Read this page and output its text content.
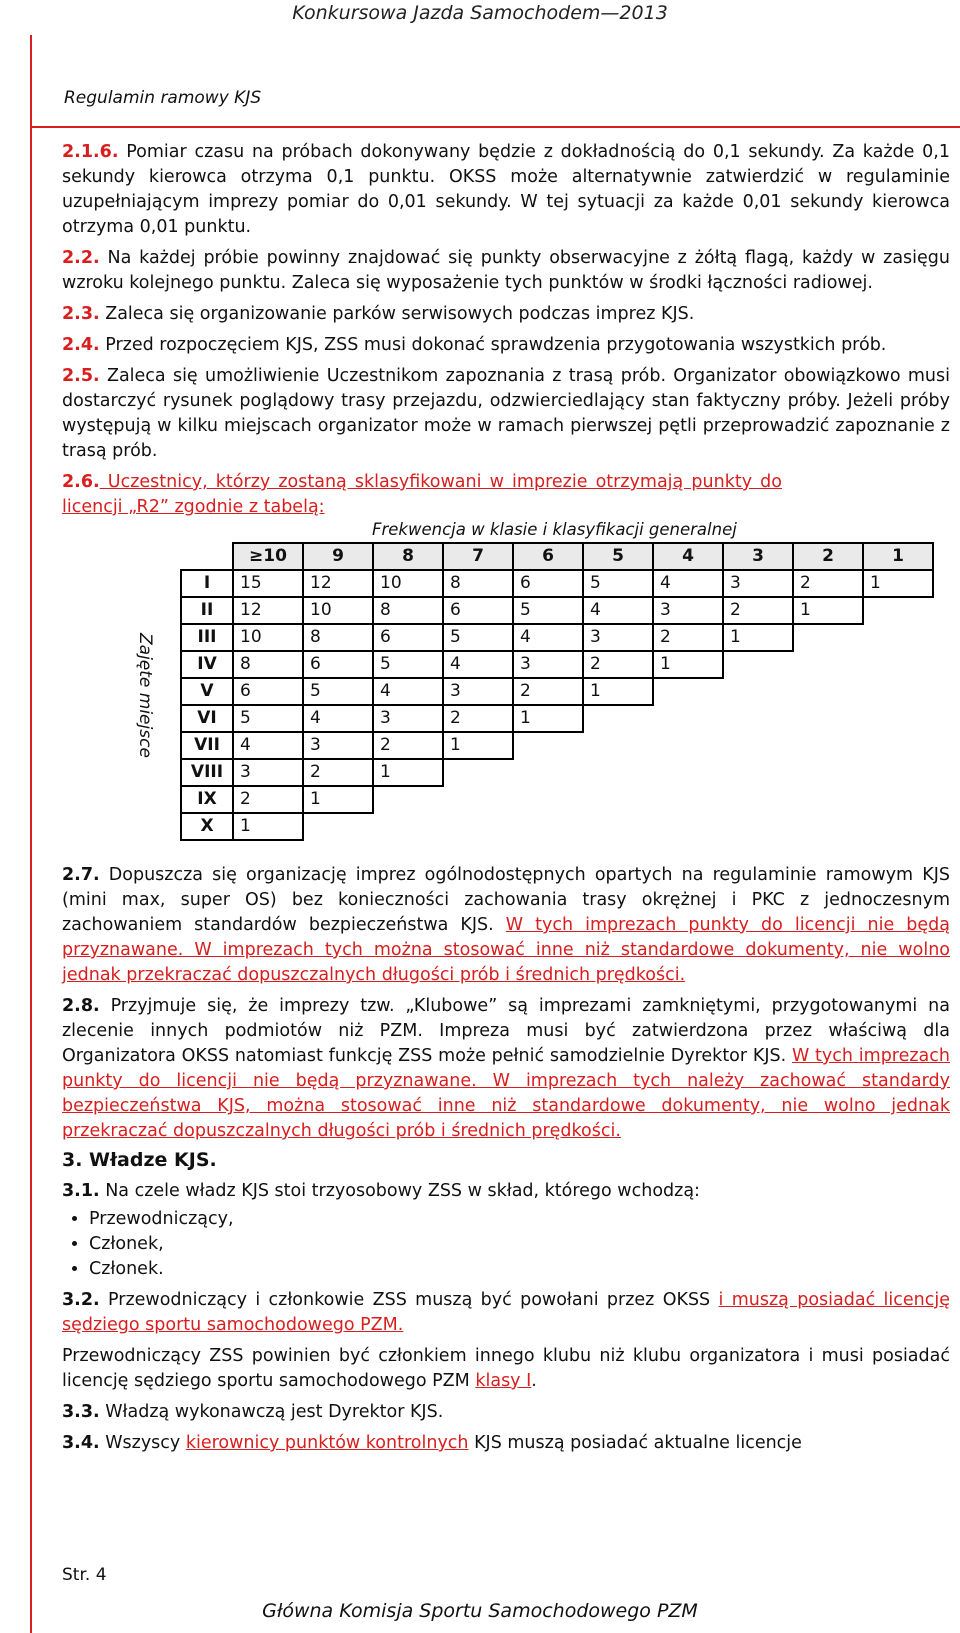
Konkursowa Jazda Samochodem—2013
Regulamin ramowy KJS

2.1.6. Pomiar czasu na próbach dokonywany będzie z dokładnością do 0,1 sekundy. Za każde 0,1 sekundy kierowca otrzyma 0,1 punktu. OKSS może alternatywnie zatwierdzić w regulaminie uzupełniającym imprezy pomiar do 0,01 sekundy. W tej sytuacji za każde 0,01 sekundy kierowca otrzyma 0,01 punktu.

2.2. Na każdej próbie powinny znajdować się punkty obserwacyjne z żółtą flagą, każdy w zasięgu wzroku kolejnego punktu. Zaleca się wyposażenie tych punktów w środki łączności radiowej.

2.3. Zaleca się organizowanie parków serwisowych podczas imprez KJS.

2.4. Przed rozpoczęciem KJS, ZSS musi dokonać sprawdzenia przygotowania wszystkich prób.

2.5. Zaleca się umożliwienie Uczestnikom zapoznania z trasą prób. Organizator obowiązkowo musi dostarczyć rysunek poglądowy trasy przejazdu, odzwierciedlający stan faktyczny próby. Jeżeli próby występują w kilku miejscach organizator może w ramach pierwszej pętli przeprowadzić zapoznanie z trasą prób.

2.6. Uczestnicy, którzy zostaną sklasyfikowani w imprezie otrzymają punkty do licencji „R2” zgodnie z tabelą:

Frekwencja w klasie i klasyfikacji generalnej
Zajęte miejsce
	≥10	9	8	7	6	5	4	3	2	1
I	15	12	10	8	6	5	4	3	2	1
II	12	10	8	6	5	4	3	2	1	
III	10	8	6	5	4	3	2	1		
IV	8	6	5	4	3	2	1			
V	6	5	4	3	2	1				
VI	5	4	3	2	1					
VII	4	3	2	1						
VIII	3	2	1							
IX	2	1								
X	1									

2.7. Dopuszcza się organizację imprez ogólnodostępnych opartych na regulaminie ramowym KJS (mini max, super OS) bez konieczności zachowania trasy okrężnej i PKC z jednoczesnym zachowaniem standardów bezpieczeństwa KJS. W tych imprezach punkty do licencji nie będą przyznawane. W imprezach tych można stosować inne niż standardowe dokumenty, nie wolno jednak przekraczać dopuszczalnych długości prób i średnich prędkości.

2.8. Przyjmuje się, że imprezy tzw. „Klubowe” są imprezami zamkniętymi, przygotowanymi na zlecenie innych podmiotów niż PZM. Impreza musi być zatwierdzona przez właściwą dla Organizatora OKSS natomiast funkcję ZSS może pełnić samodzielnie Dyrektor KJS. W tych imprezach punkty do licencji nie będą przyznawane. W imprezach tych należy zachować standardy bezpieczeństwa KJS, można stosować inne niż standardowe dokumenty, nie wolno jednak przekraczać dopuszczalnych długości prób i średnich prędkości.

3. Władze KJS.

3.1. Na czele władz KJS stoi trzyosobowy ZSS w skład, którego wchodzą:

• Przewodniczący,
• Członek,
• Członek.

3.2. Przewodniczący i członkowie ZSS muszą być powołani przez OKSS i muszą posiadać licencję sędziego sportu samochodowego PZM.

Przewodniczący ZSS powinien być członkiem innego klubu niż klubu organizatora i musi posiadać licencję sędziego sportu samochodowego PZM klasy I.

3.3. Władzą wykonawczą jest Dyrektor KJS.

3.4. Wszyscy kierownicy punktów kontrolnych KJS muszą posiadać aktualne licencje

Str. 4
Główna Komisja Sportu Samochodowego PZM
